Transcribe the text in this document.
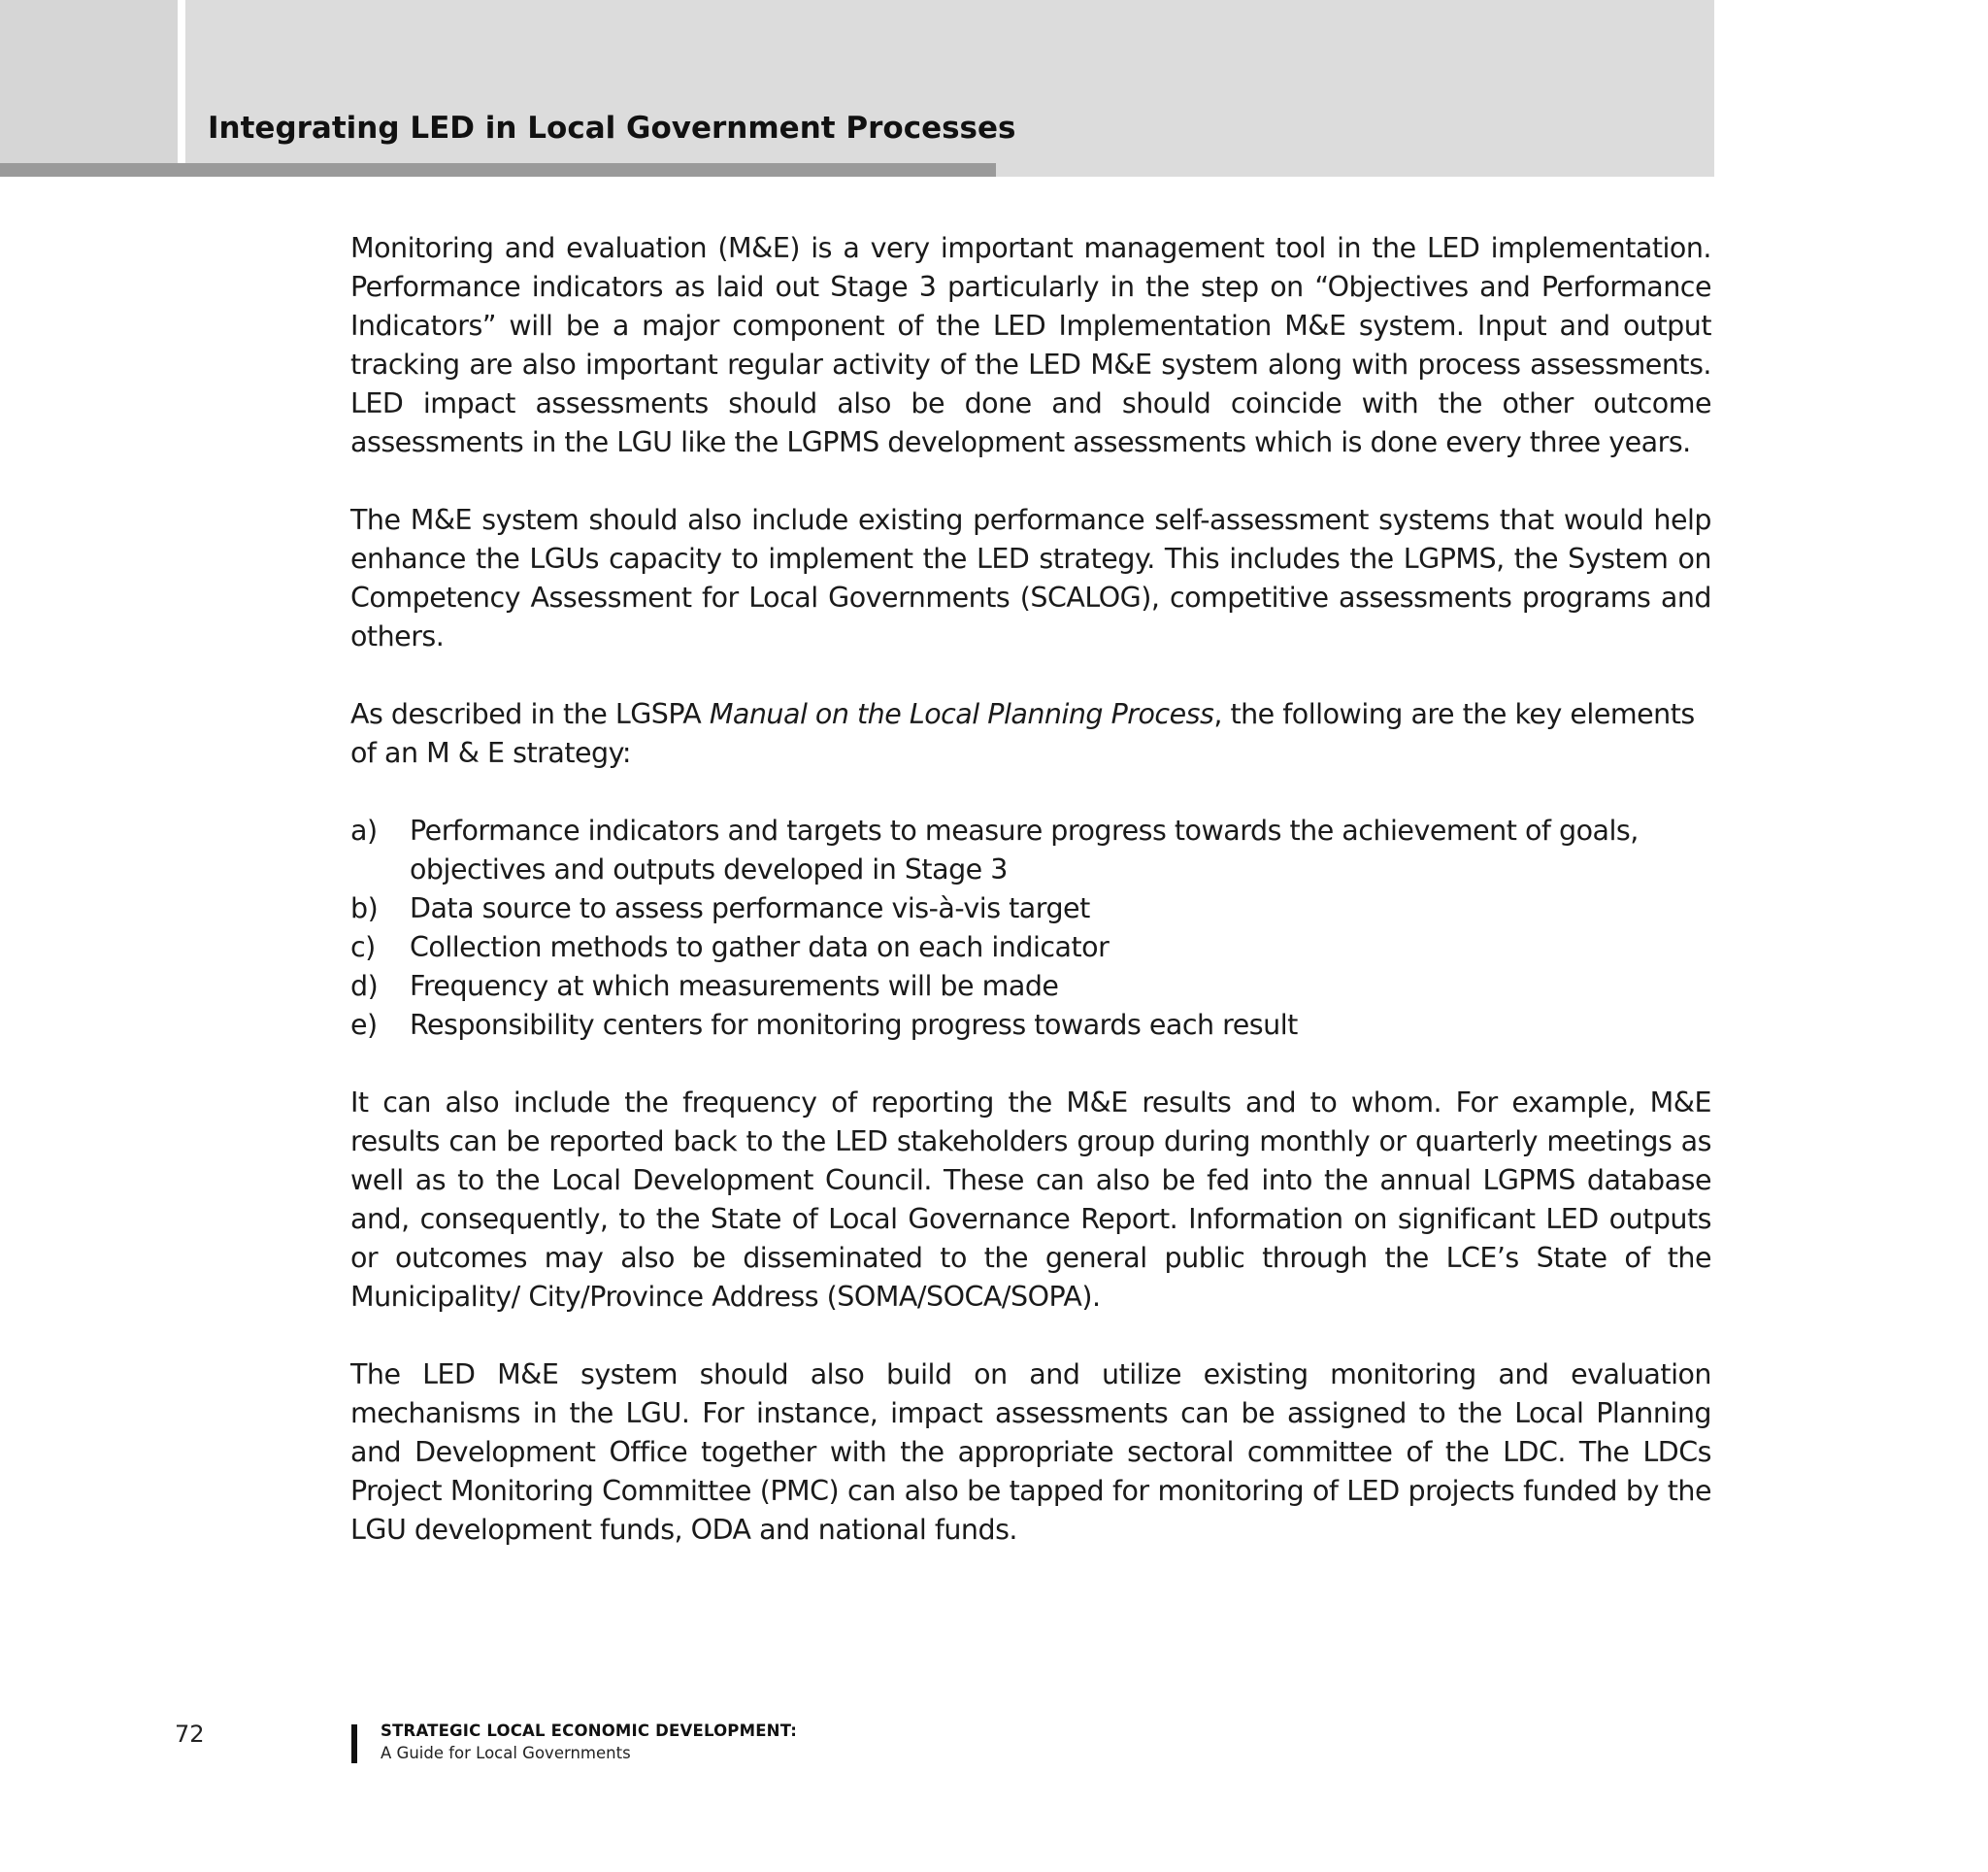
Integrating LED in Local Government Processes

Monitoring and evaluation (M&E) is a very important management tool in the LED implementation. Performance indicators as laid out Stage 3 particularly in the step on “Objectives and Performance Indicators” will be a major component of the LED Implementation M&E system. Input and output tracking are also important regular activity of the LED M&E system along with process assessments. LED impact assessments should also be done and should coincide with the other outcome assessments in the LGU like the LGPMS development assessments which is done every three years.

The M&E system should also include existing performance self-assessment systems that would help enhance the LGUs capacity to implement the LED strategy. This includes the LGPMS, the System on Competency Assessment for Local Governments (SCALOG), competitive assessments programs and others.

As described in the LGSPA Manual on the Local Planning Process, the following are the key elements of an M & E strategy:

a)	Performance indicators and targets to measure progress towards the achievement of goals, objectives and outputs developed in Stage 3
b)	Data source to assess performance vis-à-vis target
c)	Collection methods to gather data on each indicator
d)	Frequency at which measurements will be made
e)	Responsibility centers for monitoring progress towards each result

It can also include the frequency of reporting the M&E results and to whom. For example, M&E results can be reported back to the LED stakeholders group during monthly or quarterly meetings as well as to the Local Development Council. These can also be fed into the annual LGPMS database and, consequently, to the State of Local Governance Report. Information on significant LED outputs or outcomes may also be disseminated to the general public through the LCE’s State of the Municipality/ City/Province Address (SOMA/SOCA/SOPA).

The LED M&E system should also build on and utilize existing monitoring and evaluation mechanisms in the LGU. For instance, impact assessments can be assigned to the Local Planning and Development Office together with the appropriate sectoral committee of the LDC. The LDCs Project Monitoring Committee (PMC) can also be tapped for monitoring of LED projects funded by the LGU development funds, ODA and national funds.

72	STRATEGIC LOCAL ECONOMIC DEVELOPMENT:
A Guide for Local Governments
